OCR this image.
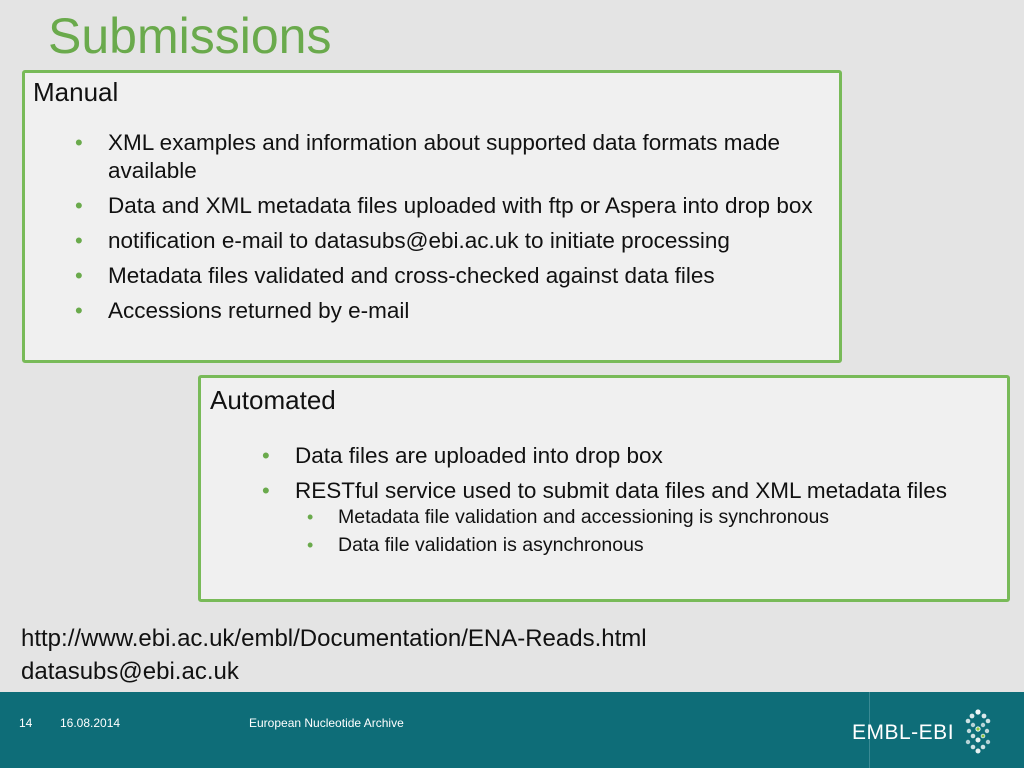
Submissions
Manual
• XML examples and information about supported data formats made available
• Data and XML metadata files uploaded with ftp or Aspera into drop box
• notification e-mail to datasubs@ebi.ac.uk to initiate processing
• Metadata files validated and cross-checked against data files
• Accessions returned by e-mail
Automated
• Data files are uploaded into drop box
• RESTful service used to submit data files and XML metadata files
• Metadata file validation and accessioning is synchronous
• Data file validation is asynchronous
http://www.ebi.ac.uk/embl/Documentation/ENA-Reads.html
datasubs@ebi.ac.uk
14 16.08.2014	European Nucleotide Archive	EMBL-EBI
